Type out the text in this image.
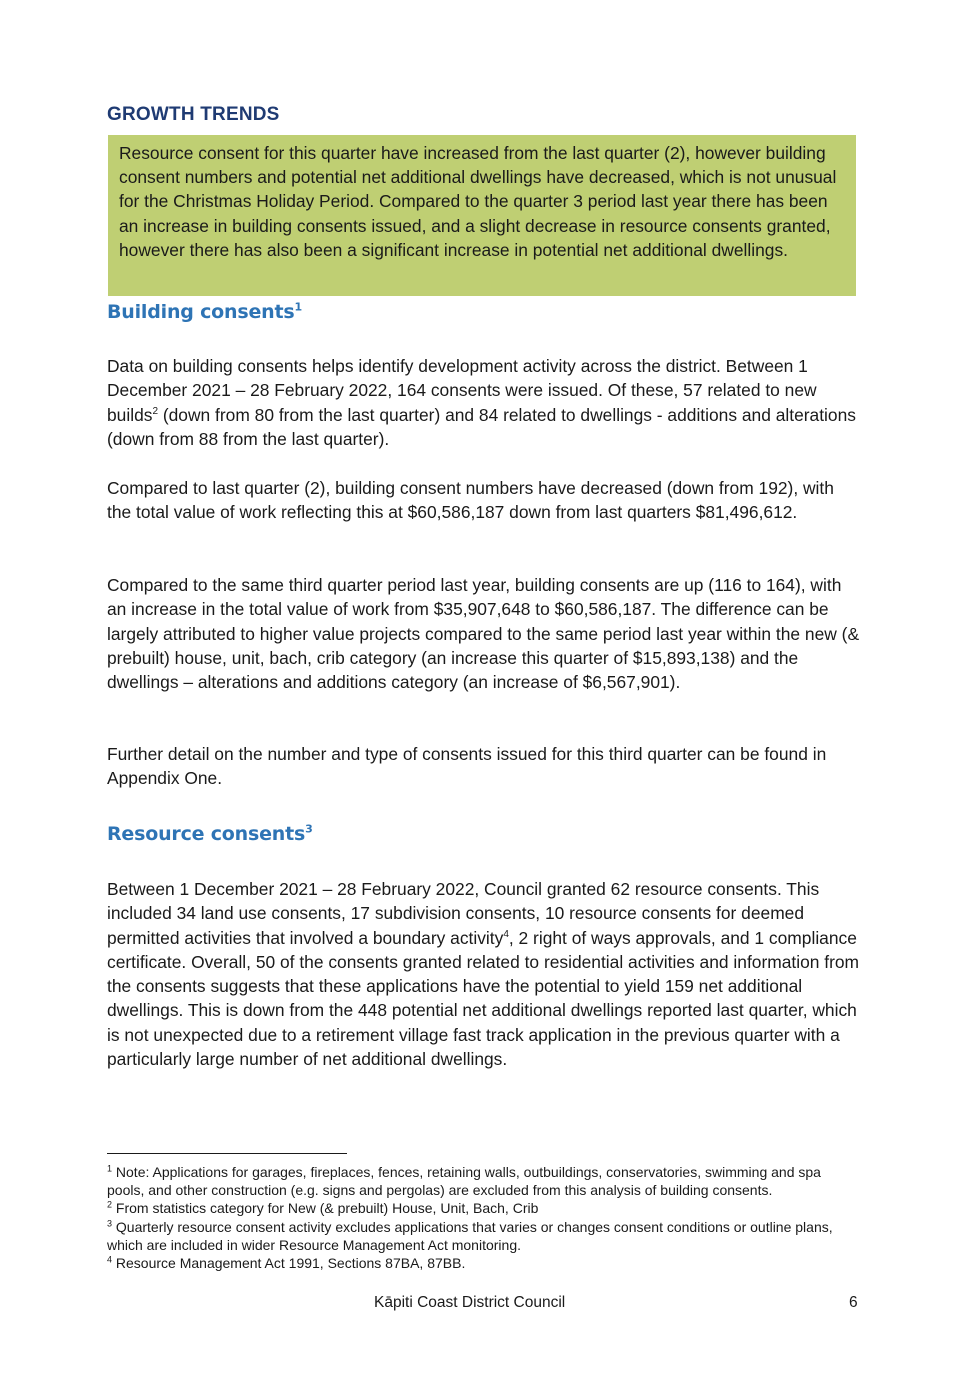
GROWTH TRENDS
Resource consent for this quarter have increased from the last quarter (2), however building consent numbers and potential net additional dwellings have decreased, which is not unusual for the Christmas Holiday Period. Compared to the quarter 3 period last year there has been an increase in building consents issued, and a slight decrease in resource consents granted, however there has also been a significant increase in potential net additional dwellings.
Building consents$^1$
Data on building consents helps identify development activity across the district. Between 1 December 2021 – 28 February 2022, 164 consents were issued. Of these, 57 related to new builds$^2$ (down from 80 from the last quarter) and 84 related to dwellings - additions and alterations (down from 88 from the last quarter).
Compared to last quarter (2), building consent numbers have decreased (down from 192), with the total value of work reflecting this at $60,586,187 down from last quarters $81,496,612.
Compared to the same third quarter period last year, building consents are up (116 to 164), with an increase in the total value of work from $35,907,648 to $60,586,187. The difference can be largely attributed to higher value projects compared to the same period last year within the new (& prebuilt) house, unit, bach, crib category (an increase this quarter of $15,893,138) and the dwellings – alterations and additions category (an increase of $6,567,901).
Further detail on the number and type of consents issued for this third quarter can be found in Appendix One.
Resource consents$^3$
Between 1 December 2021 – 28 February 2022, Council granted 62 resource consents. This included 34 land use consents, 17 subdivision consents, 10 resource consents for deemed permitted activities that involved a boundary activity$^4$, 2 right of ways approvals, and 1 compliance certificate. Overall, 50 of the consents granted related to residential activities and information from the consents suggests that these applications have the potential to yield 159 net additional dwellings. This is down from the 448 potential net additional dwellings reported last quarter, which is not unexpected due to a retirement village fast track application in the previous quarter with a particularly large number of net additional dwellings.

$^1$ Note: Applications for garages, fireplaces, fences, retaining walls, outbuildings, conservatories, swimming and spa pools, and other construction (e.g. signs and pergolas) are excluded from this analysis of building consents.

$^2$ From statistics category for New (& prebuilt) House, Unit, Bach, Crib

$^3$ Quarterly resource consent activity excludes applications that varies or changes consent conditions or outline plans, which are included in wider Resource Management Act monitoring.

$^4$ Resource Management Act 1991, Sections 87BA, 87BB.

Kāpiti Coast District Council	6
